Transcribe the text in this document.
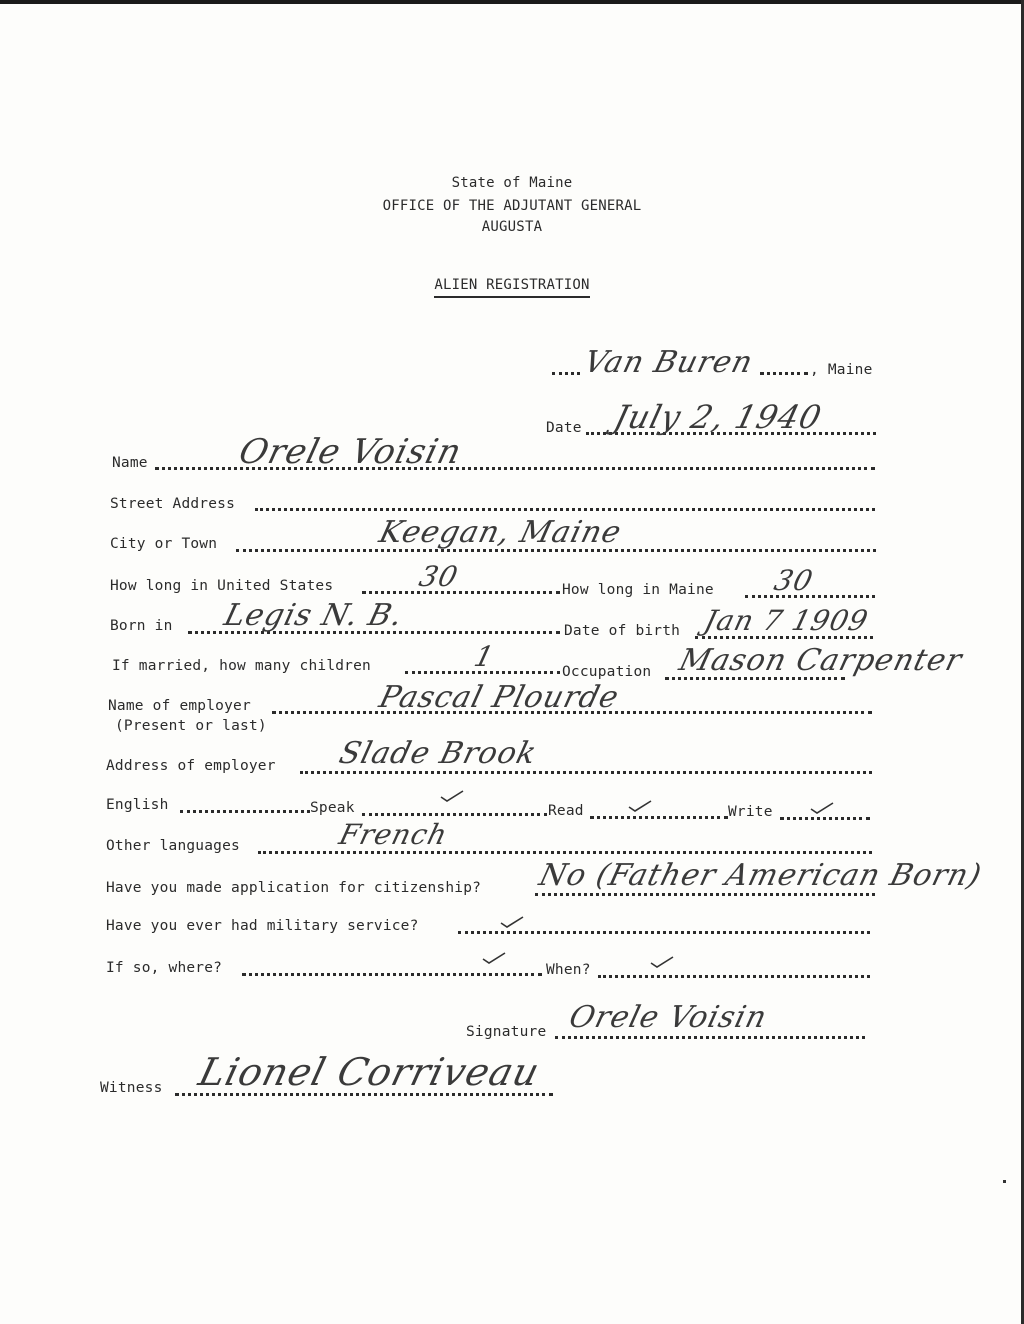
State of Maine
OFFICE OF THE ADJUTANT GENERAL
AUGUSTA
ALIEN REGISTRATION
Van Buren	, Maine
Date July 2, 1940
Name	Orele Voisin
Street Address
City or Town	Keegan, Maine
How long in United States	30	How long in Maine 30
Born in Legis N. B.	Date of birth Jan 7 1909
If married, how many children	1	Occupation Mason Carpenter
Name of employer
(Present or last)
Pascal Plourde
Address of employer Slade Brook
English	Speak	Read	Write
Other languages	French
Have you made application for citizenship? No (Father American Born)
Have you ever had military service?
If so, where?	When?
Signature Orele Voisin
Witness Lionel Corriveau
